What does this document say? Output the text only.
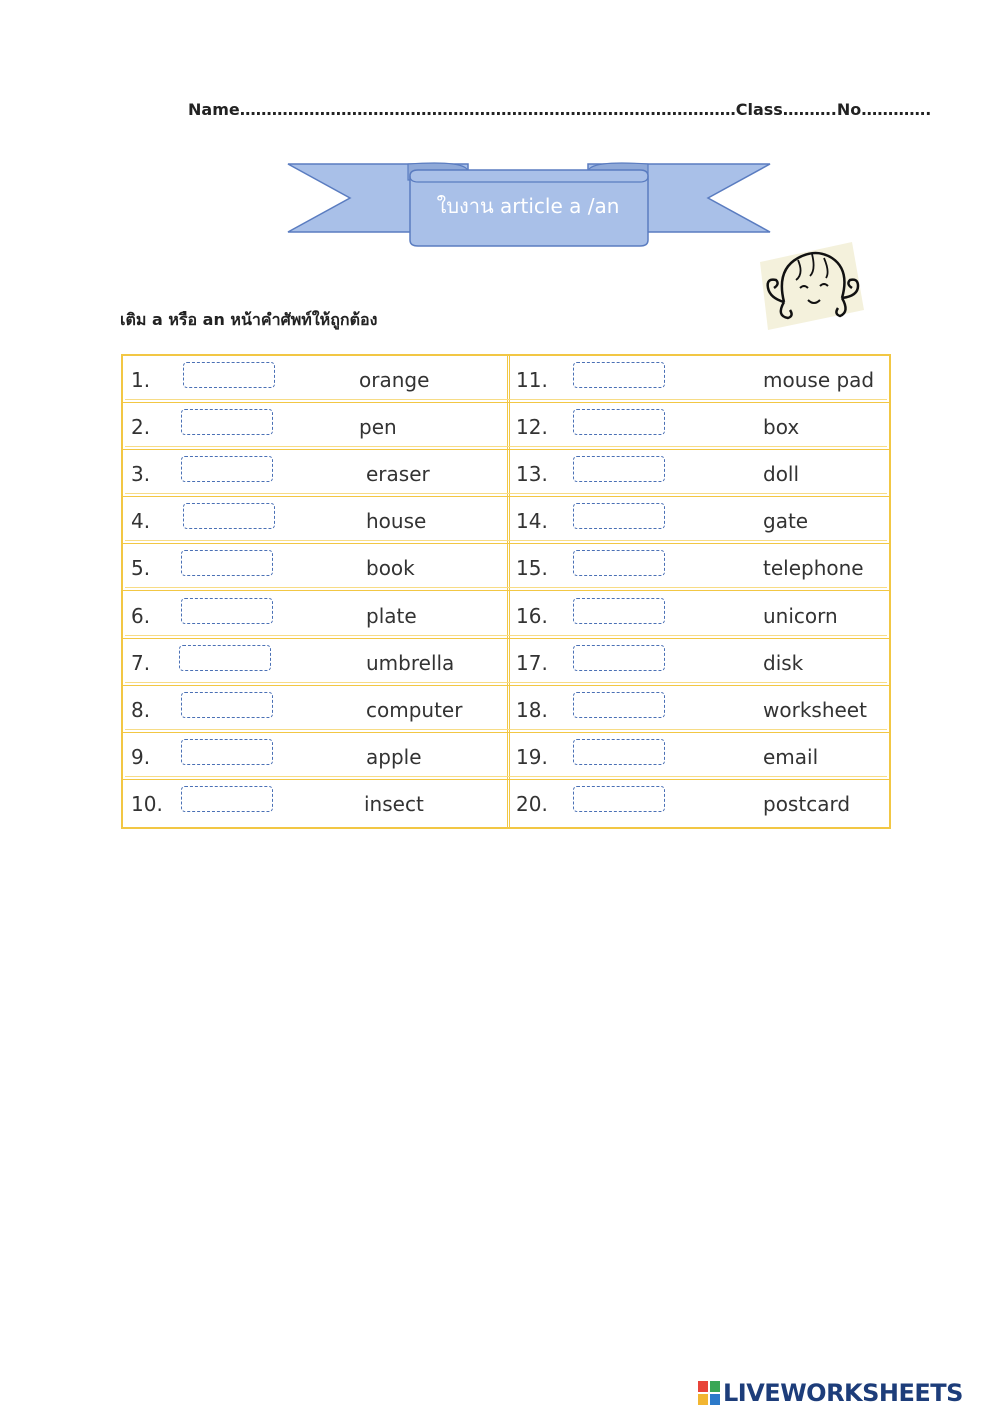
Name…………………………………………………………………………………Class……….No………….
ใบงาน article a /an
เติม a หรือ an หน้าคำศัพท์ให้ถูกต้อง
1.	orange	11.	mouse pad
2.	pen	12.	box
3.	eraser	13.	doll
4.	house	14.	gate
5.	book	15.	telephone
6.	plate	16.	unicorn
7.	umbrella	17.	disk
8.	computer	18.	worksheet
9.	apple	19.	email
10.	insect	20.	postcard
LIVEWORKSHEETS
